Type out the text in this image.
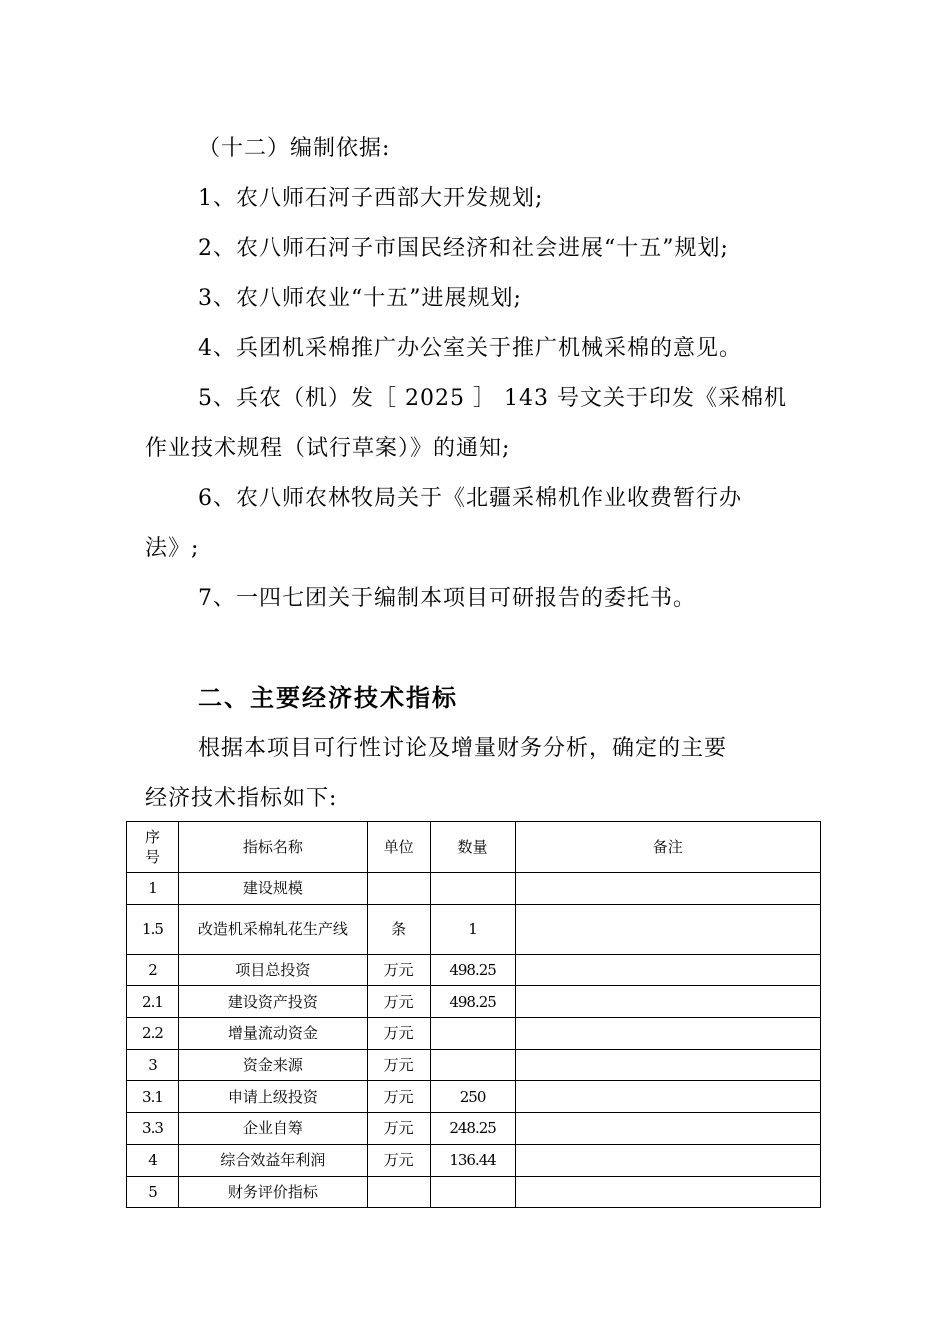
（十二）编制依据:
1、农八师石河子西部大开发规划;
2、农八师石河子市国民经济和社会进展“十五”规划;
3、农八师农业“十五”进展规划;
4、兵团机采棉推广办公室关于推广机械采棉的意见。
5、兵农（机）发［ 2025 ］ 143 号文关于印发《采棉机
作业技术规程（试行草案）》的通知;
6、农八师农林牧局关于《北疆采棉机作业收费暂行办
法》;
7、一四七团关于编制本项目可研报告的委托书。
二、主要经济技术指标
根据本项目可行性讨论及增量财务分析，确定的主要
经济技术指标如下:
序号	指标名称	单位	数量	备注
1	建设规模			
1.5	改造机采棉轧花生产线	条	1	
2	项目总投资	万元	498.25	
2.1	建设资产投资	万元	498.25	
2.2	增量流动资金	万元		
3	资金来源	万元		
3.1	申请上级投资	万元	250	
3.3	企业自筹	万元	248.25	
4	综合效益年利润	万元	136.44	
5	财务评价指标			
